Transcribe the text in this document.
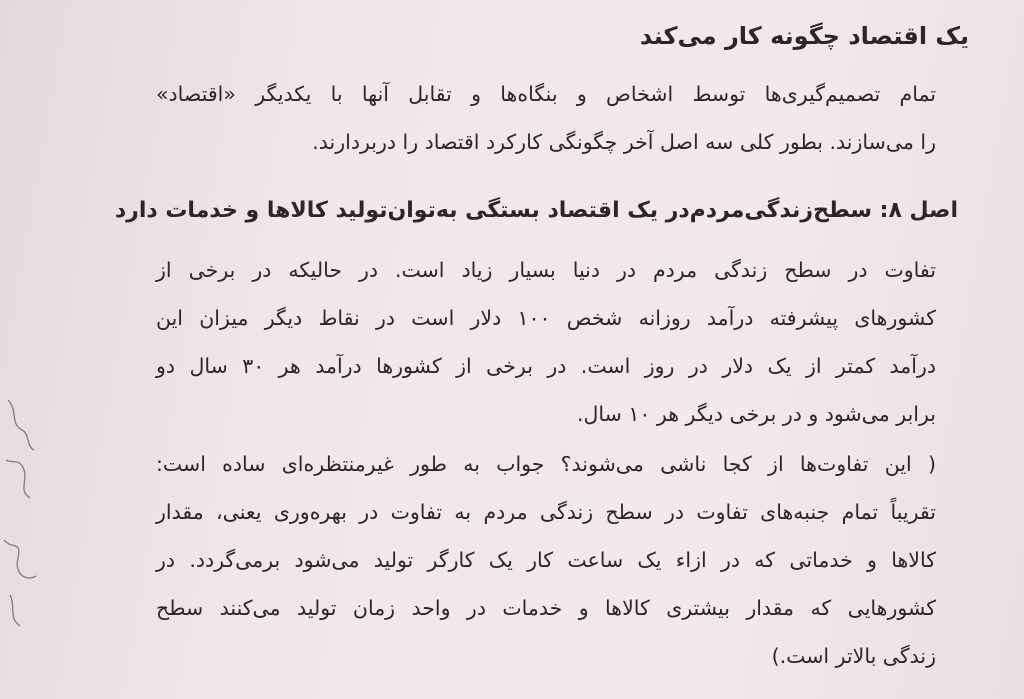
یک اقتصاد چگونه کار می‌کند
تمام تصمیم‌گیری‌ها توسط اشخاص و بنگاه‌ها و تقابل آنها با یکدیگر «اقتصاد»
را می‌سازند. بطور کلی سه اصل آخر چگونگی کارکرد اقتصاد را دربردارند.
اصل ۸: سطح‌زندگی‌مردم‌در یک اقتصاد بستگی به‌توان‌تولید کالاها و خدمات دارد
تفاوت در سطح زندگی مردم در دنیا بسیار زیاد است. در حالیکه در برخی از
کشورهای پیشرفته درآمد روزانه شخص ۱۰۰ دلار است در نقاط دیگر میزان این
درآمد کمتر از یک دلار در روز است. در برخی از کشورها درآمد هر ۳۰ سال دو
برابر می‌شود و در برخی دیگر هر ۱۰ سال.
( این تفاوت‌ها از کجا ناشی می‌شوند؟ جواب به طور غیرمنتظره‌ای ساده است:
تقریباً تمام جنبه‌های تفاوت در سطح زندگی مردم به تفاوت در بهره‌وری یعنی، مقدار
کالاها و خدماتی که در ازاء یک ساعت کار یک کارگر تولید می‌شود برمی‌گردد. در
کشورهایی که مقدار بیشتری کالاها و خدمات در واحد زمان تولید می‌کنند سطح
زندگی بالاتر است.)
